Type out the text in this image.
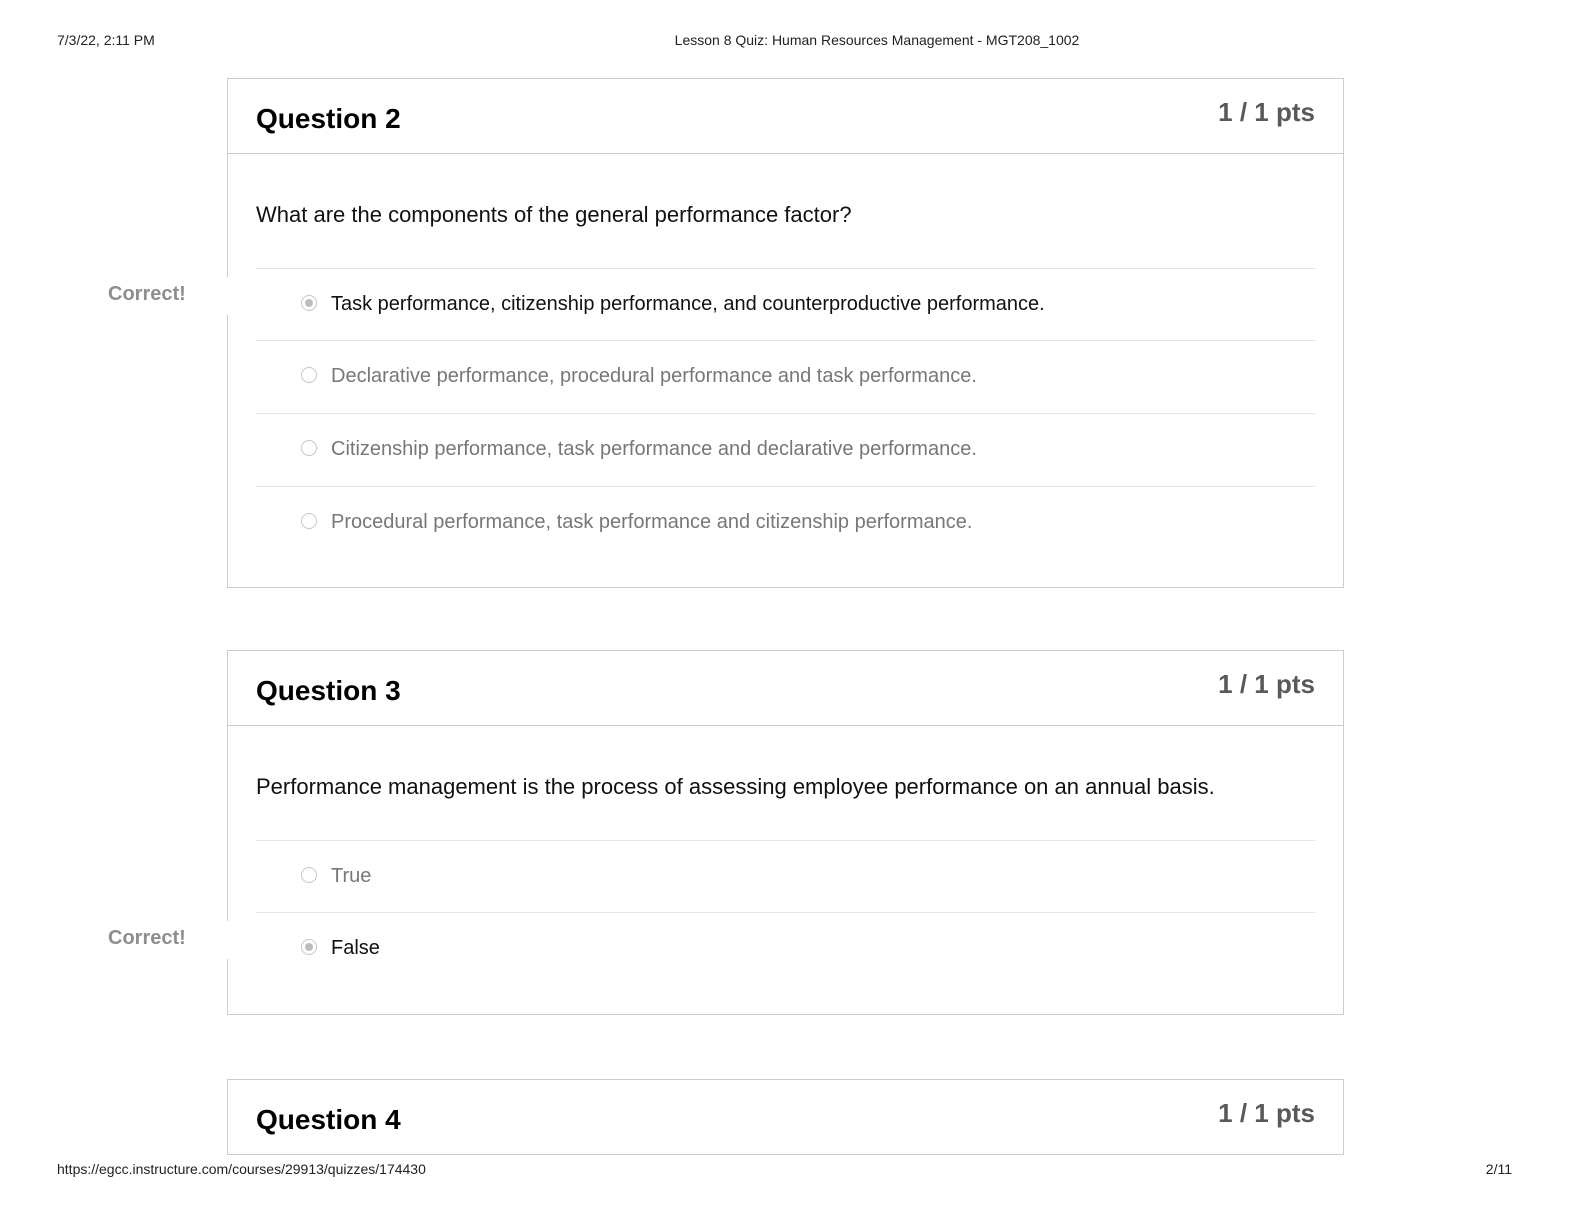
7/3/22, 2:11 PM	Lesson 8 Quiz: Human Resources Management - MGT208_1002
https://egcc.instructure.com/courses/29913/quizzes/174430	2/11
Question 2	1 / 1 pts
What are the components of the general performance factor?
Task performance, citizenship performance, and counterproductive performance.
Declarative performance, procedural performance and task performance.
Citizenship performance, task performance and declarative performance.
Procedural performance, task performance and citizenship performance.
Correct!
Question 3	1 / 1 pts
Performance management is the process of assessing employee performance on an annual basis.
True
False
Correct!
Question 4	1 / 1 pts
